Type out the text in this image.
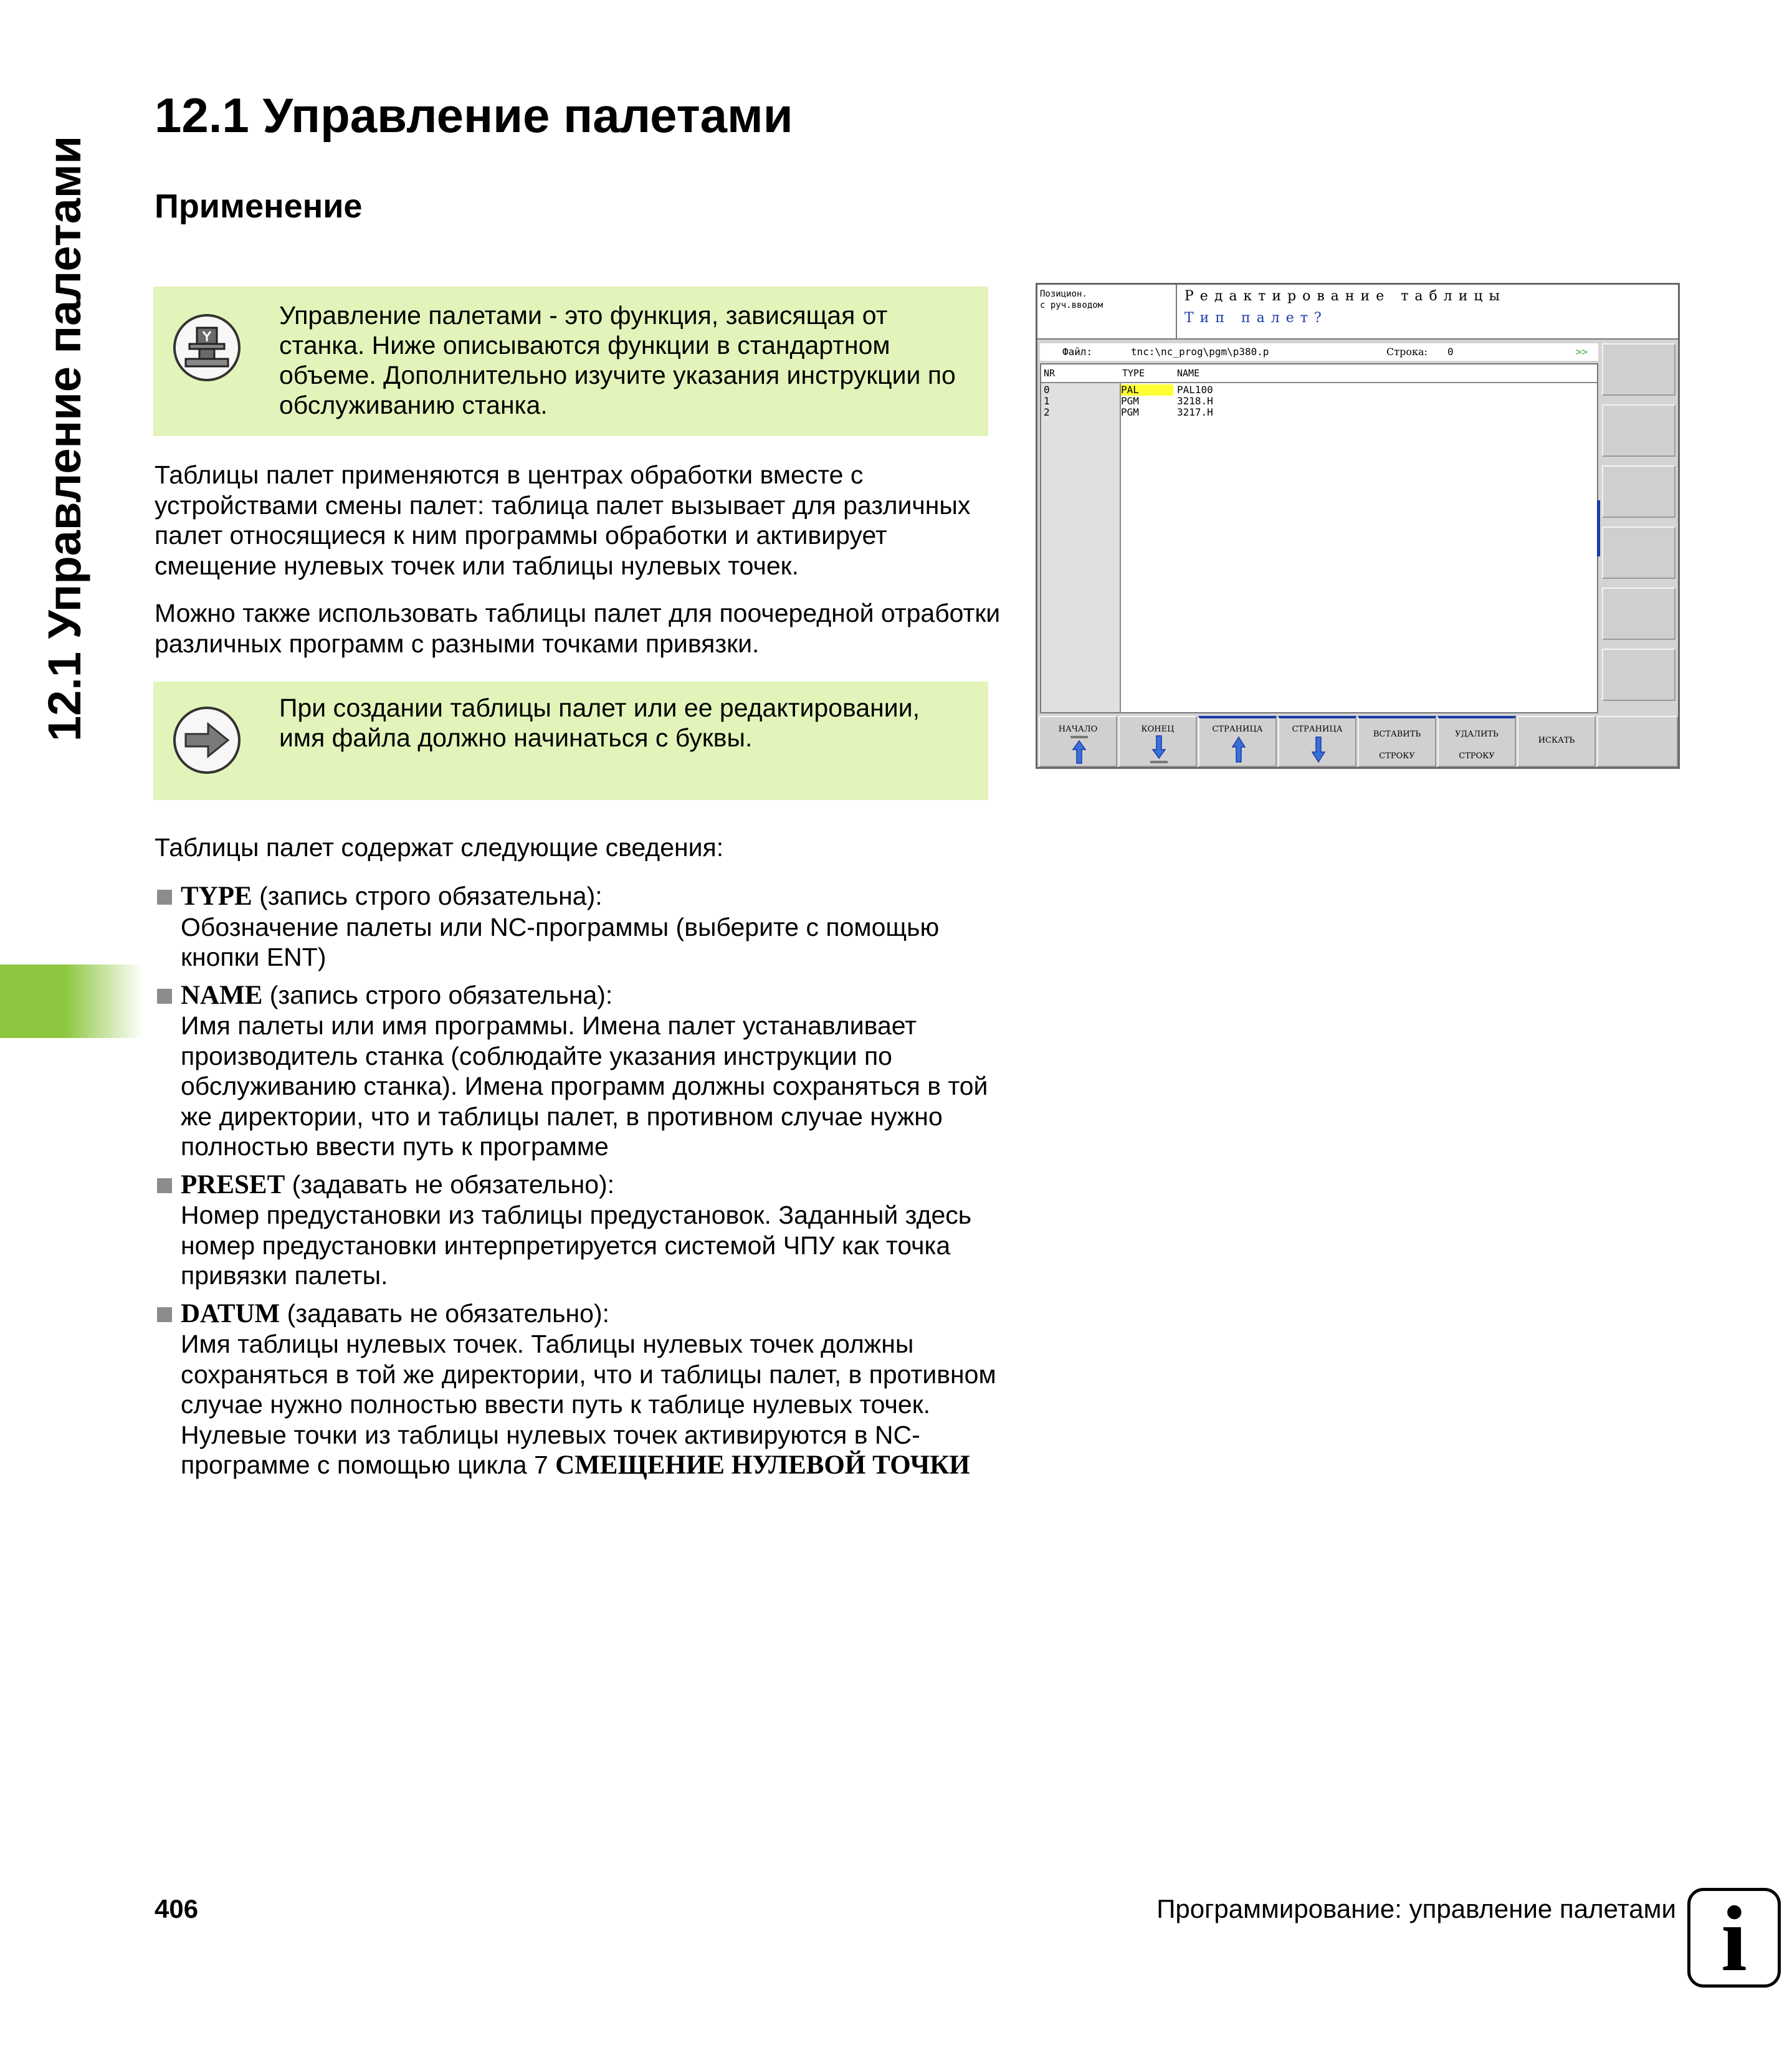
12.1 Управление палетами
12.1 Управление палетами
Применение
Управление палетами - это функция, зависящая от станка. Ниже описываются функции в стандартном объеме. Дополнительно изучите указания инструкции по обслуживанию станка.
Таблицы палет применяются в центрах обработки вместе с устройствами смены палет: таблица палет вызывает для различных палет относящиеся к ним программы обработки и активирует смещение нулевых точек или таблицы нулевых точек.
Можно также использовать таблицы палет для поочередной отработки различных программ с разными точками привязки.
При создании таблицы палет или ее редактировании, имя файла должно начинаться с буквы.
Таблицы палет содержат следующие сведения:
TYPE (запись строго обязательна):
Обозначение палеты или NC-программы (выберите с помощью кнопки ENT)
NAME (запись строго обязательна):
Имя палеты или имя программы. Имена палет устанавливает производитель станка (соблюдайте указания инструкции по обслуживанию станка). Имена программ должны сохраняться в той же директории, что и таблицы палет, в противном случае нужно полностью ввести путь к программе
PRESET (задавать не обязательно):
Номер предустановки из таблицы предустановок. Заданный здесь номер предустановки интерпретируется системой ЧПУ как точка привязки палеты.
DATUM (задавать не обязательно):
Имя таблицы нулевых точек. Таблицы нулевых точек должны сохраняться в той же директории, что и таблицы палет, в противном случае нужно полностью ввести путь к таблице нулевых точек. Нулевые точки из таблицы нулевых точек активируются в NC-программе с помощью цикла 7 СМЕЩЕНИЕ НУЛЕВОЙ ТОЧКИ
Позицион.
с руч.вводом
Редактирование таблицы
Тип палет?
Файл:	tnc:\nc_prog\pgm\p380.p	Строка: 0	>>
NR	TYPE	NAME
0	PAL	PAL100
1	PGM	3218.H
2	PGM	3217.H
НАЧАЛО	КОНЕЦ	СТРАНИЦА	СТРАНИЦА
ВСТАВИТЬ
СТРОКУ
УДАЛИТЬ
СТРОКУ
ИСКАТЬ
406	Программирование: управление палетами i
